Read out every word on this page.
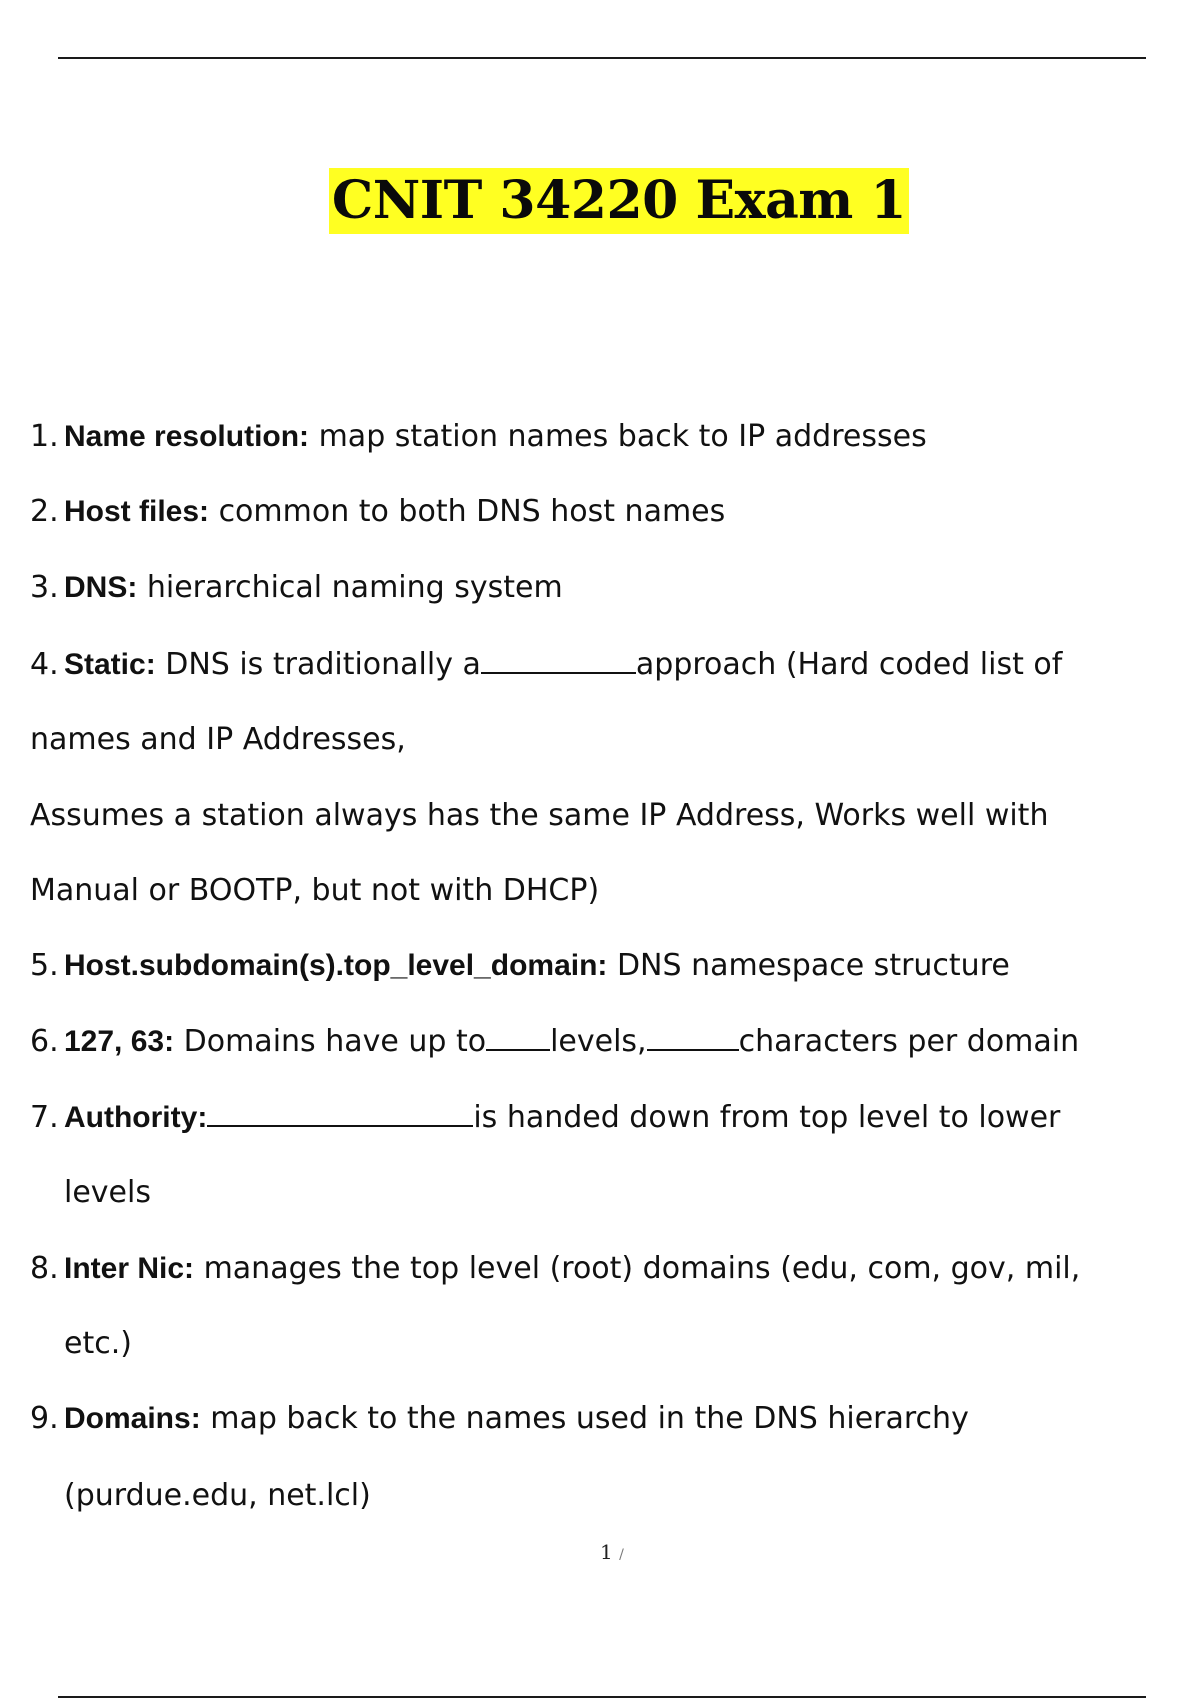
CNIT 34220 Exam 1
1. Name resolution: map station names back to IP addresses
2. Host files: common to both DNS host names
3. DNS: hierarchical naming system
4. Static: DNS is traditionally a	approach (Hard coded list of
names and IP Addresses,
Assumes a station always has the same IP Address, Works well with
Manual or BOOTP, but not with DHCP)
5. Host.subdomain(s).top_level_domain: DNS namespace structure
6. 127, 63: Domains have up to levels,	characters per domain
7. Authority:	is handed down from top level to lower
levels
8. Inter Nic: manages the top level (root) domains (edu, com, gov, mil,
etc.)
9. Domains: map back to the names used in the DNS hierarchy
(purdue.edu, net.lcl)
1 /
